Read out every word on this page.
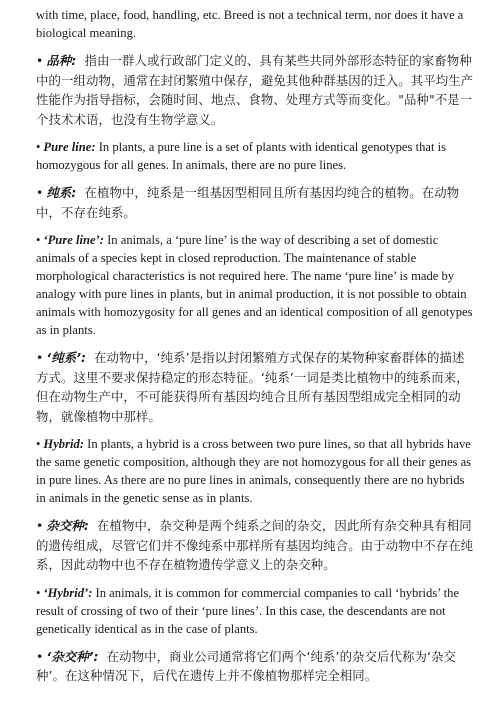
with time, place, food, handling, etc. Breed is not a technical term, nor does it have a biological meaning.

• 品种: 指由一群人或行政部门定义的、具有某些共同外部形态特征的家畜物种中的一组动物，通常在封闭繁殖中保存，避免其他种群基因的迁入。其平均生产性能作为指导指标，会随时间、地点、食物、处理方式等而变化。"品种"不是一个技术术语，也没有生物学意义。

• Pure line: In plants, a pure line is a set of plants with identical genotypes that is homozygous for all genes. In animals, there are no pure lines.

• 纯系: 在植物中，纯系是一组基因型相同且所有基因均纯合的植物。在动物中，不存在纯系。

• ‘Pure line’: In animals, a ‘pure line’ is the way of describing a set of domestic animals of a species kept in closed reproduction. The maintenance of stable morphological characteristics is not required here. The name ‘pure line’ is made by analogy with pure lines in plants, but in animal production, it is not possible to obtain animals with homozygosity for all genes and an identical composition of all genotypes as in plants.

• ‘纯系’: 在动物中，‘纯系’是指以封闭繁殖方式保存的某物种家畜群体的描述方式。这里不要求保持稳定的形态特征。‘纯系’一词是类比植物中的纯系而来，但在动物生产中，不可能获得所有基因均纯合且所有基因型组成完全相同的动物，就像植物中那样。

• Hybrid: In plants, a hybrid is a cross between two pure lines, so that all hybrids have the same genetic composition, although they are not homozygous for all their genes as in pure lines. As there are no pure lines in animals, consequently there are no hybrids in animals in the genetic sense as in plants.

• 杂交种: 在植物中，杂交种是两个纯系之间的杂交，因此所有杂交种具有相同的遗传组成，尽管它们并不像纯系中那样所有基因均纯合。由于动物中不存在纯系，因此动物中也不存在植物遗传学意义上的杂交种。

• ‘Hybrid’: In animals, it is common for commercial companies to call ‘hybrids’ the result of crossing of two of their ‘pure lines’. In this case, the descendants are not genetically identical as in the case of plants.

• ‘杂交种’: 在动物中，商业公司通常将它们两个‘纯系’的杂交后代称为‘杂交种’。在这种情况下，后代在遗传上并不像植物那样完全相同。
